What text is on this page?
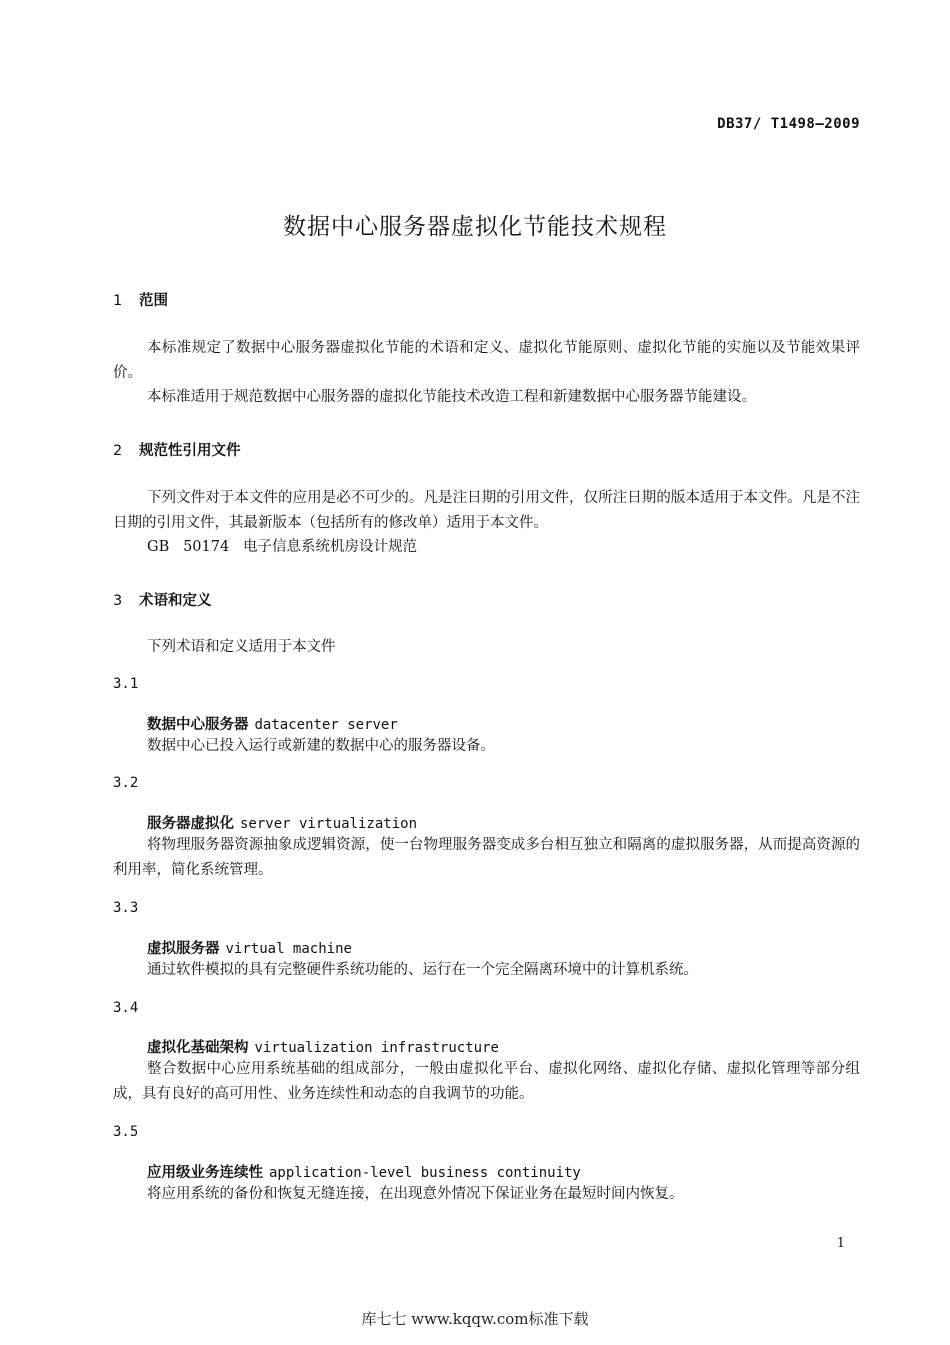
DB37/ T1498—2009
数据中心服务器虚拟化节能技术规程
1 范围
本标准规定了数据中心服务器虚拟化节能的术语和定义、虚拟化节能原则、虚拟化节能的实施以及节能效果评价。
本标准适用于规范数据中心服务器的虚拟化节能技术改造工程和新建数据中心服务器节能建设。
2 规范性引用文件
下列文件对于本文件的应用是必不可少的。凡是注日期的引用文件，仅所注日期的版本适用于本文件。凡是不注日期的引用文件，其最新版本（包括所有的修改单）适用于本文件。
GB   50174   电子信息系统机房设计规范
3 术语和定义
下列术语和定义适用于本文件
3.1
数据中心服务器 datacenter server
数据中心已投入运行或新建的数据中心的服务器设备。
3.2
服务器虚拟化 server virtualization
将物理服务器资源抽象成逻辑资源，使一台物理服务器变成多台相互独立和隔离的虚拟服务器，从而提高资源的利用率，简化系统管理。
3.3
虚拟服务器 virtual machine
通过软件模拟的具有完整硬件系统功能的、运行在一个完全隔离环境中的计算机系统。
3.4
虚拟化基础架构 virtualization infrastructure
整合数据中心应用系统基础的组成部分，一般由虚拟化平台、虚拟化网络、虚拟化存储、虚拟化管理等部分组成，具有良好的高可用性、业务连续性和动态的自我调节的功能。
3.5
应用级业务连续性 application-level business continuity
将应用系统的备份和恢复无缝连接，在出现意外情况下保证业务在最短时间内恢复。
1
库七七 www.kqqw.com标准下载
